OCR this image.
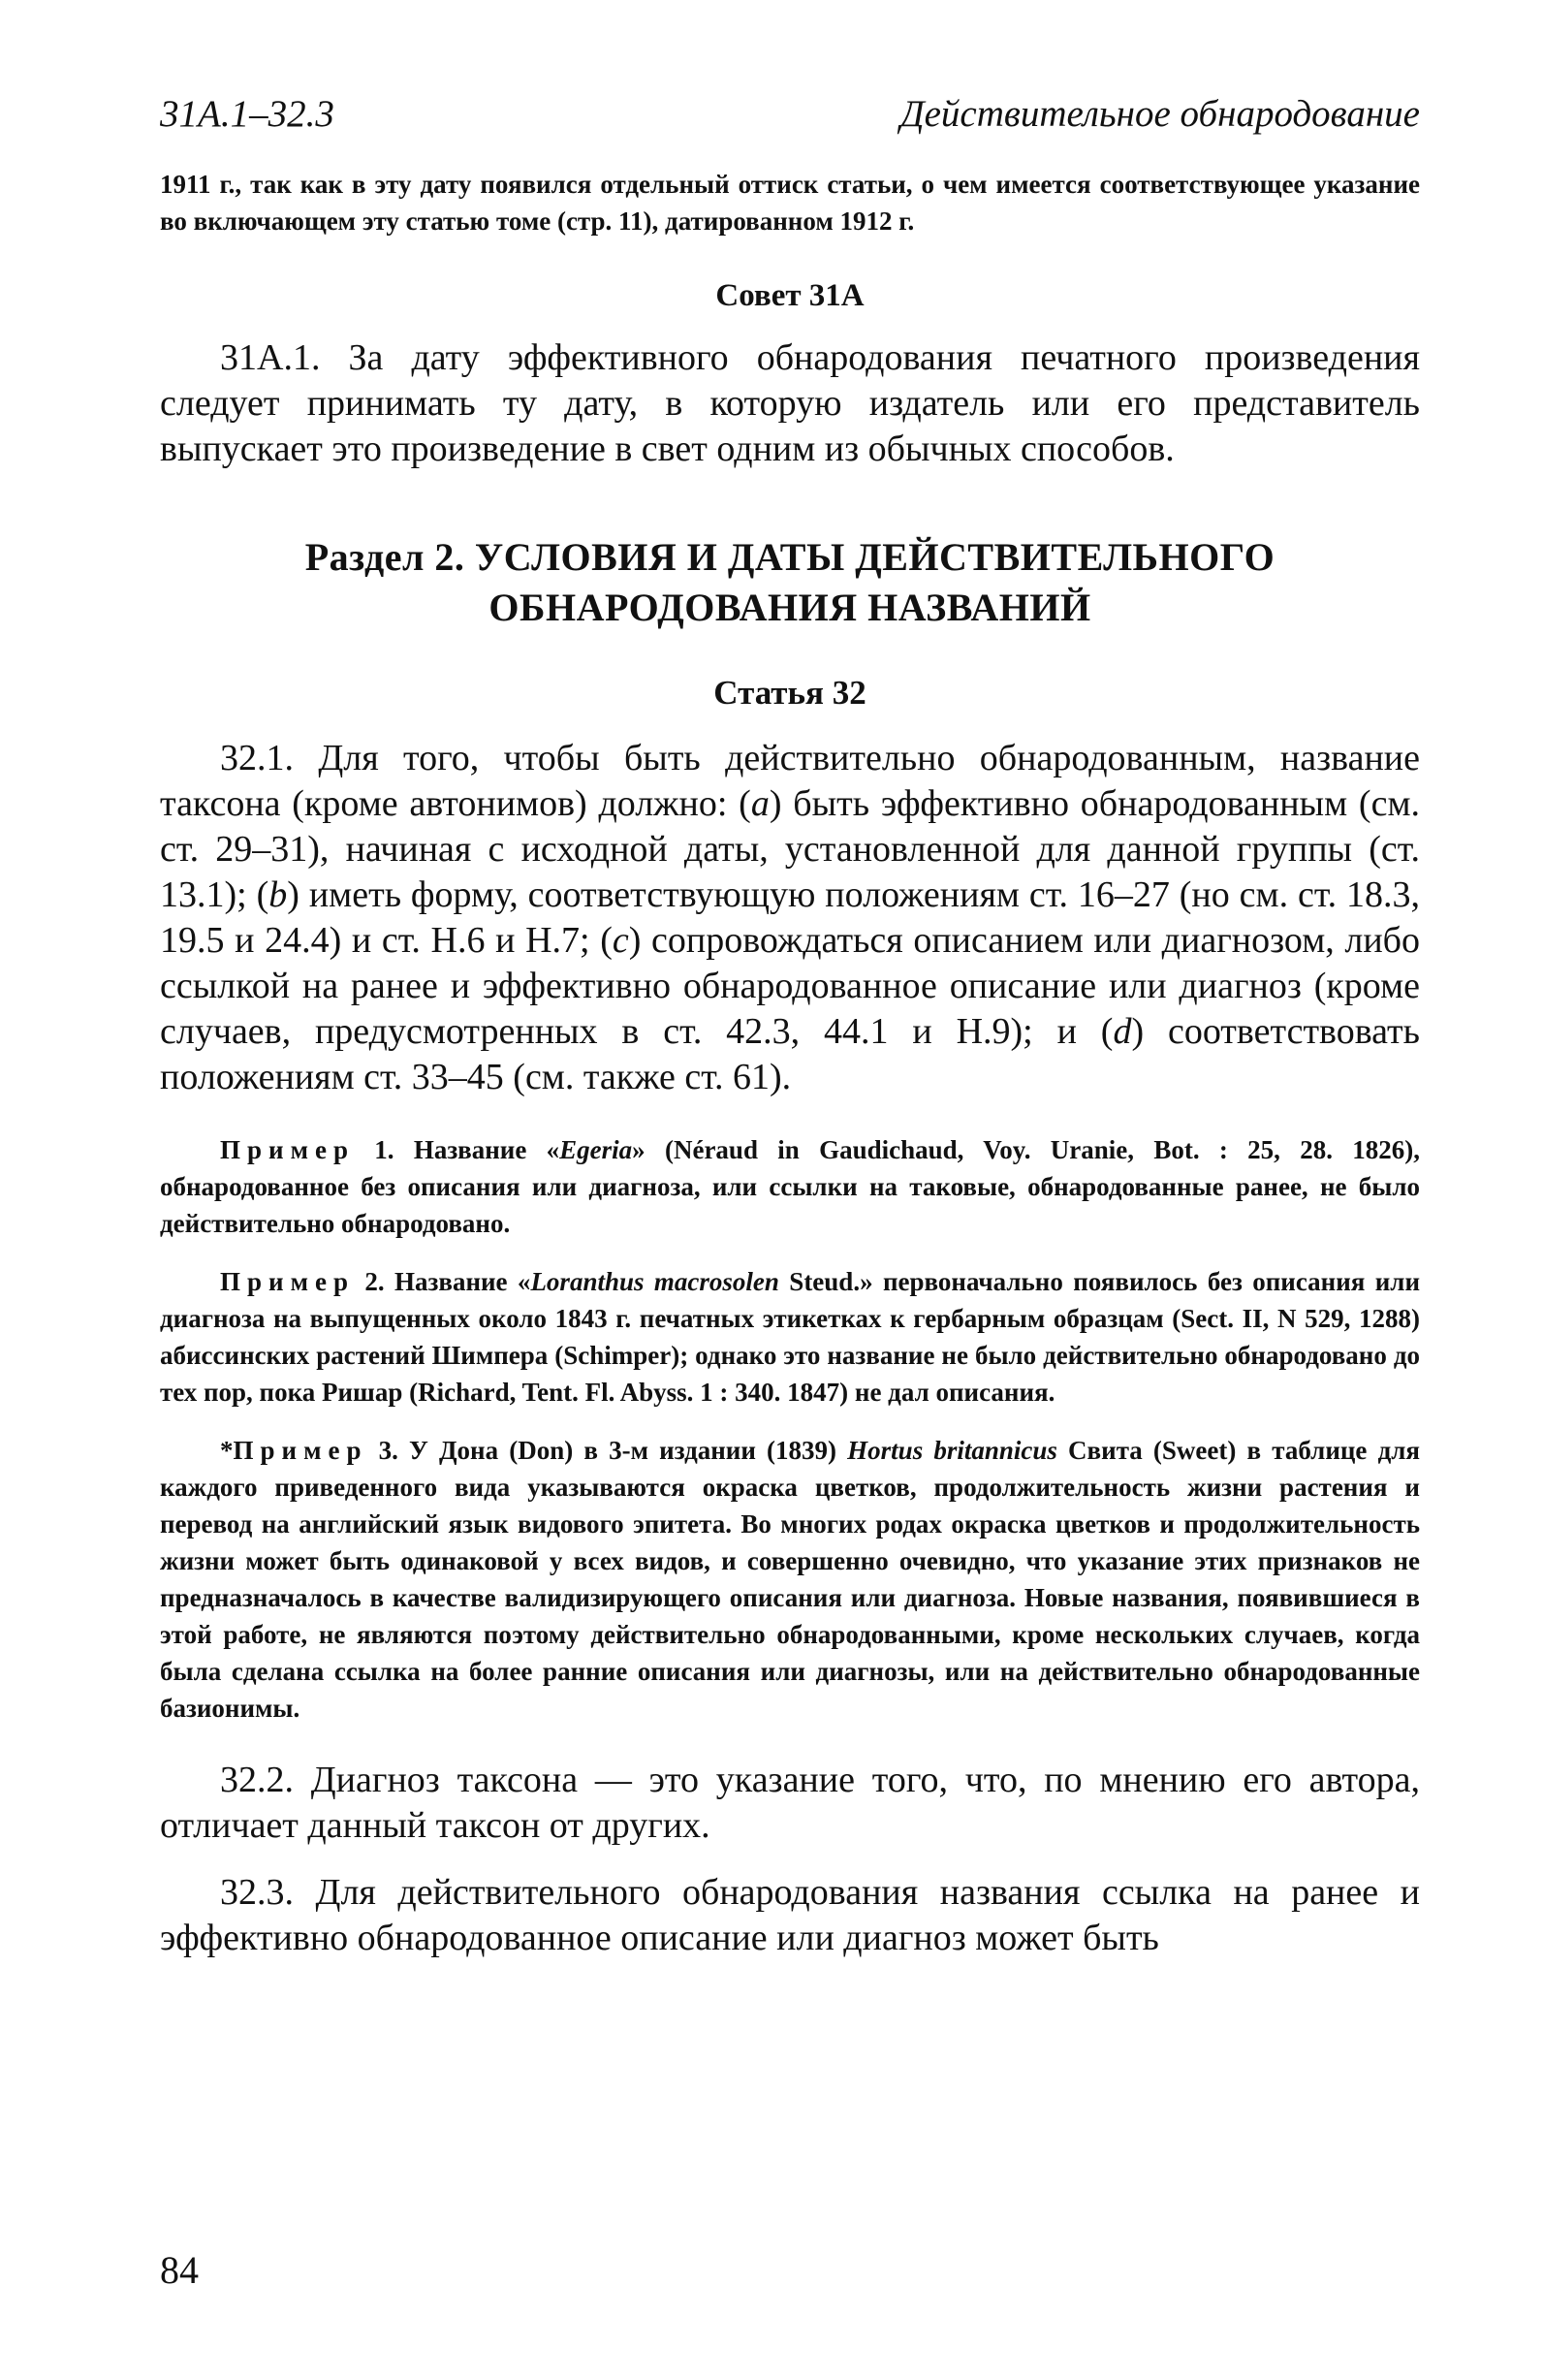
31A.1–32.3	Действительное обнародование
1911 г., так как в эту дату появился отдельный оттиск статьи, о чем имеется соответствующее указание во включающем эту статью томе (стр. 11), датированном 1912 г.
Совет 31A
31A.1. За дату эффективного обнародования печатного произведения следует принимать ту дату, в которую издатель или его представитель выпускает это произведение в свет одним из обычных способов.
Раздел 2. УСЛОВИЯ И ДАТЫ ДЕЙСТВИТЕЛЬНОГО
ОБНАРОДОВАНИЯ НАЗВАНИЙ
Статья 32
32.1. Для того, чтобы быть действительно обнародованным, название таксона (кроме автонимов) должно: (a) быть эффективно обнародованным (см. ст. 29–31), начиная с исходной даты, установленной для данной группы (ст. 13.1); (b) иметь форму, соответствующую положениям ст. 16–27 (но см. ст. 18.3, 19.5 и 24.4) и ст. H.6 и H.7; (c) сопровождаться описанием или диагнозом, либо ссылкой на ранее и эффективно обнародованное описание или диагноз (кроме случаев, предусмотренных в ст. 42.3, 44.1 и H.9); и (d) соответствовать положениям ст. 33–45 (см. также ст. 61).
Пример 1. Название «Egeria» (Néraud in Gaudichaud, Voy. Uranie, Bot. : 25, 28. 1826), обнародованное без описания или диагноза, или ссылки на таковые, обнародованные ранее, не было действительно обнародовано.
Пример 2. Название «Loranthus macrosolen Steud.» первоначально появилось без описания или диагноза на выпущенных около 1843 г. печатных этикетках к гербарным образцам (Sect. II, N 529, 1288) абиссинских растений Шимпера (Schimper); однако это название не было действительно обнародовано до тех пор, пока Ришар (Richard, Tent. Fl. Abyss. 1 : 340. 1847) не дал описания.
*Пример 3. У Дона (Don) в 3-м издании (1839) Hortus britannicus Свита (Sweet) в таблице для каждого приведенного вида указываются окраска цветков, продолжительность жизни растения и перевод на английский язык видового эпитета. Во многих родах окраска цветков и продолжительность жизни может быть одинаковой у всех видов, и совершенно очевидно, что указание этих признаков не предназначалось в качестве валидизирующего описания или диагноза. Новые названия, появившиеся в этой работе, не являются поэтому действительно обнародованными, кроме нескольких случаев, когда была сделана ссылка на более ранние описания или диагнозы, или на действительно обнародованные базионимы.
32.2. Диагноз таксона — это указание того, что, по мнению его автора, отличает данный таксон от других.
32.3. Для действительного обнародования названия ссылка на ранее и эффективно обнародованное описание или диагноз может быть
84
